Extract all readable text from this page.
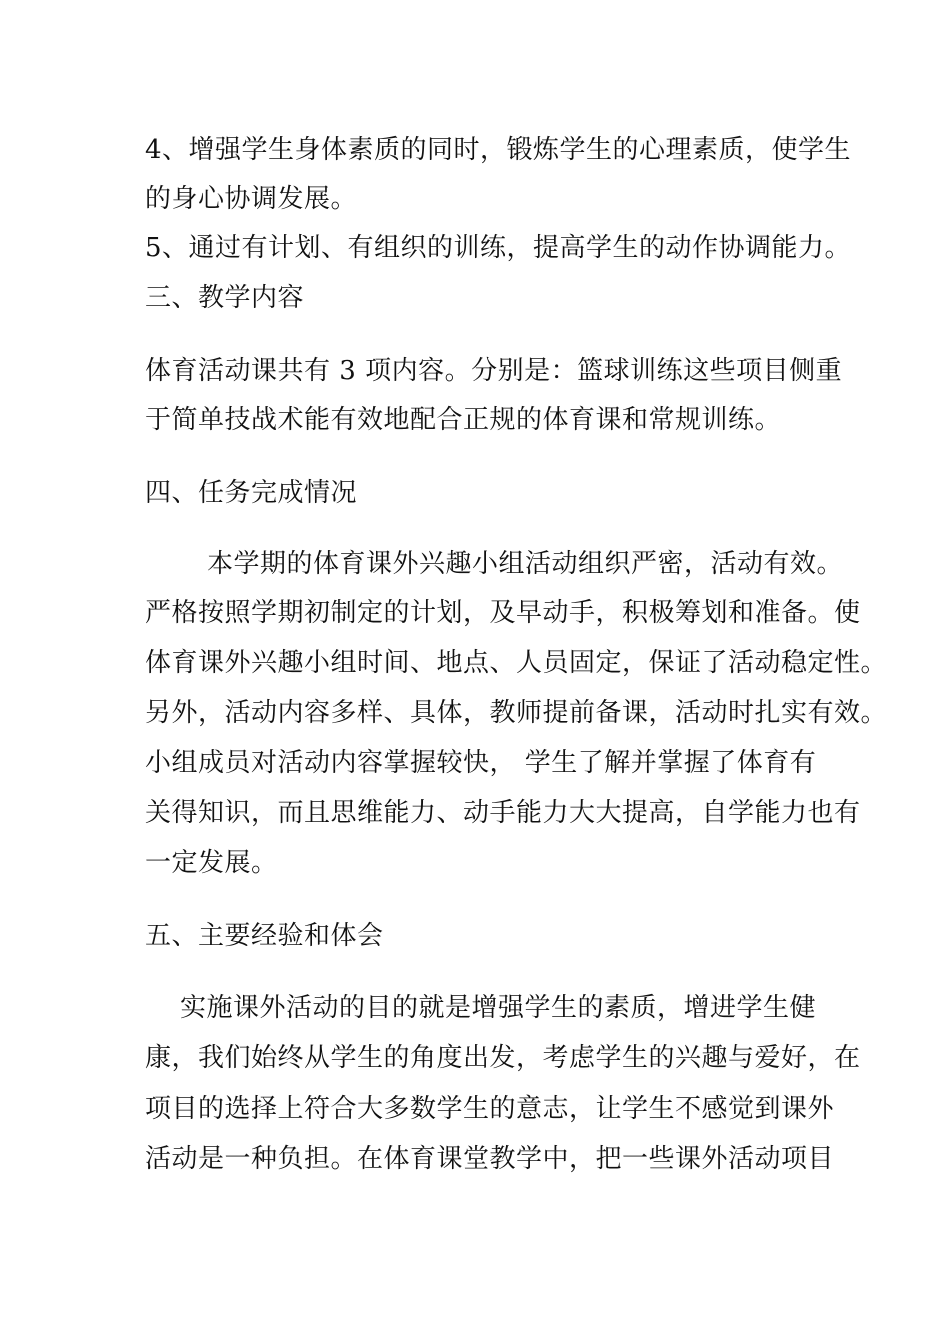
4、增强学生身体素质的同时，锻炼学生的心理素质，使学生
的身心协调发展。
5、通过有计划、有组织的训练，提高学生的动作协调能力。
三、教学内容
体育活动课共有 3 项内容。分别是：篮球训练这些项目侧重
于简单技战术能有效地配合正规的体育课和常规训练。
四、任务完成情况
本学期的体育课外兴趣小组活动组织严密，活动有效。
严格按照学期初制定的计划，及早动手，积极筹划和准备。使
体育课外兴趣小组时间、地点、人员固定，保证了活动稳定性。
另外，活动内容多样、具体，教师提前备课，活动时扎实有效。
小组成员对活动内容掌握较快， 学生了解并掌握了体育有
关得知识，而且思维能力、动手能力大大提高，自学能力也有
一定发展。
五、主要经验和体会
实施课外活动的目的就是增强学生的素质，增进学生健
康，我们始终从学生的角度出发，考虑学生的兴趣与爱好，在
项目的选择上符合大多数学生的意志，让学生不感觉到课外
活动是一种负担。在体育课堂教学中，把一些课外活动项目
